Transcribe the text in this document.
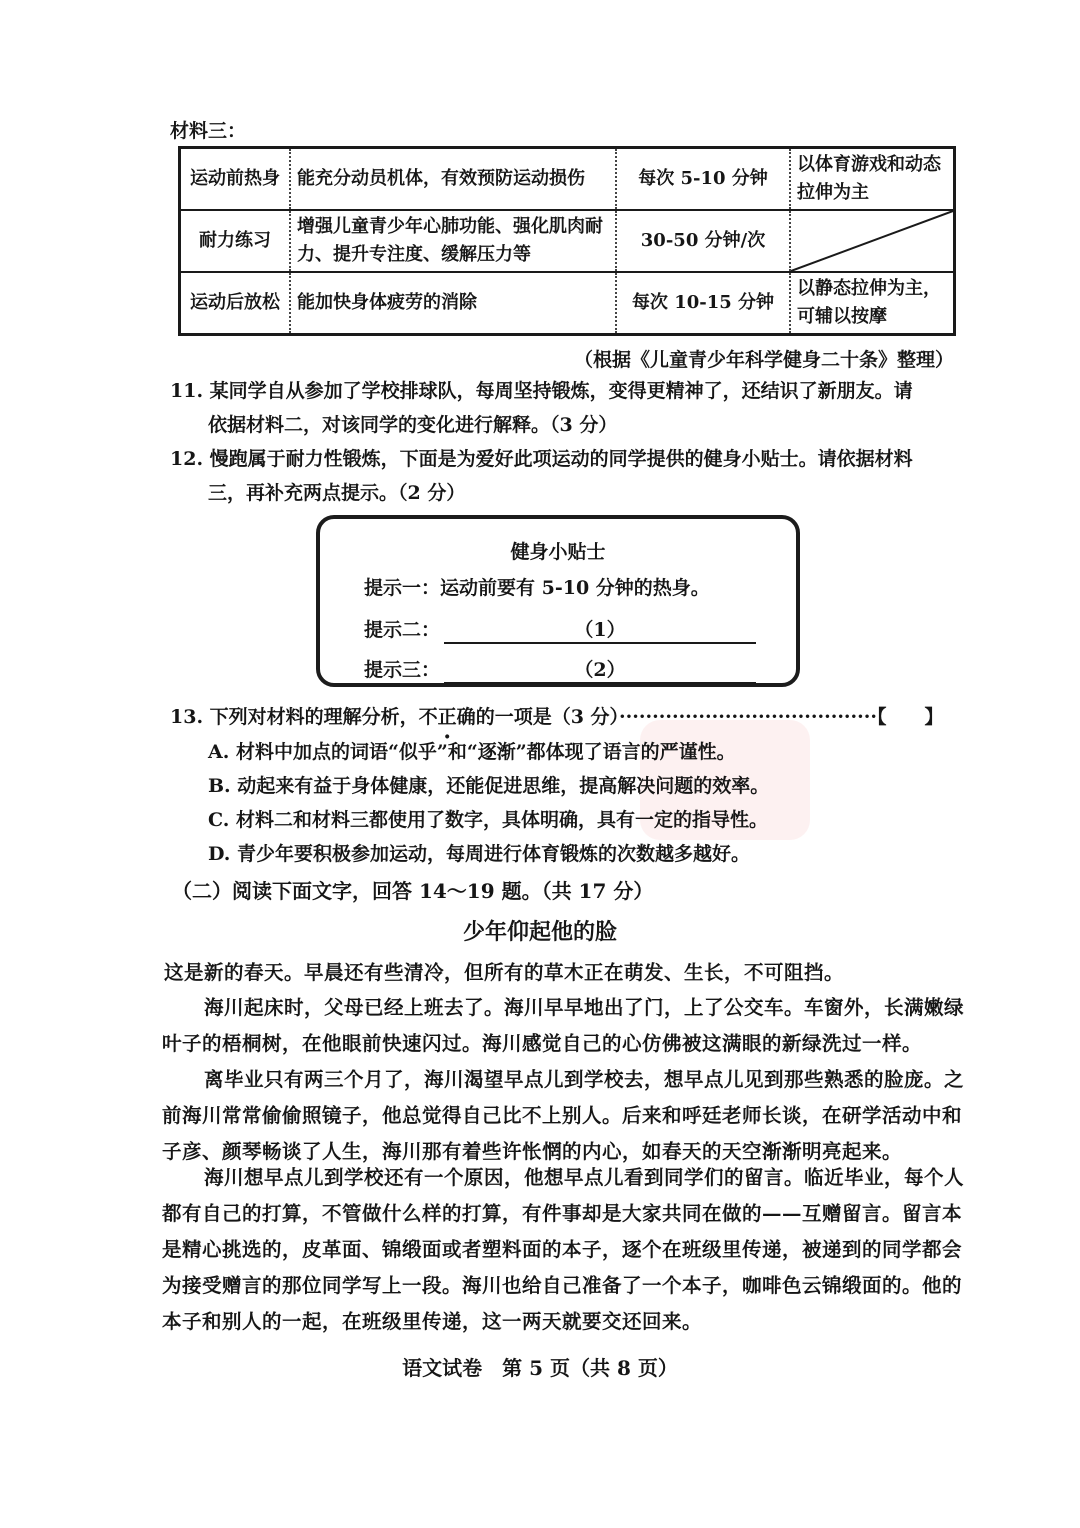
材料三：
运动前热身	能充分动员机体，有效预防运动损伤	每次 5-10 分钟	以体育游戏和动态拉伸为主
耐力练习	增强儿童青少年心肺功能、强化肌肉耐力、提升专注度、缓解压力等	30-50 分钟/次	

运动后放松	能加快身体疲劳的消除	每次 10-15 分钟	以静态拉伸为主，可辅以按摩
（根据《儿童青少年科学健身二十条》整理）
11. 某同学自从参加了学校排球队，每周坚持锻炼，变得更精神了，还结识了新朋友。请
依据材料二，对该同学的变化进行解释。（3 分）
12. 慢跑属于耐力性锻炼，下面是为爱好此项运动的同学提供的健身小贴士。请依据材料
三，再补充两点提示。（2 分）
健身小贴士
提示一：运动前要有 5-10 分钟的热身。
提示二：	（1）
提示三：	（2）
13. 下列对材料的理解分析，不正确的一项是（3 分）·······································【　　】
A. 材料中加点的词语“似乎”和“逐渐”都体现了语言的严谨性。
B. 动起来有益于身体健康，还能促进思维，提高解决问题的效率。
C. 材料二和材料三都使用了数字，具体明确，具有一定的指导性。
D. 青少年要积极参加运动，每周进行体育锻炼的次数越多越好。
（二）阅读下面文字，回答 14～19 题。（共 17 分）
少年仰起他的脸
这是新的春天。早晨还有些清冷，但所有的草木正在萌发、生长，不可阻挡。
海川起床时，父母已经上班去了。海川早早地出了门，上了公交车。车窗外，长满嫩绿叶子的梧桐树，在他眼前快速闪过。海川感觉自己的心仿佛被这满眼的新绿洗过一样。
离毕业只有两三个月了，海川渴望早点儿到学校去，想早点儿见到那些熟悉的脸庞。之前海川常常偷偷照镜子，他总觉得自己比不上别人。后来和呼廷老师长谈，在研学活动中和子彦、颜琴畅谈了人生，海川那有着些许怅惘的内心，如春天的天空渐渐明亮起来。
海川想早点儿到学校还有一个原因，他想早点儿看到同学们的留言。临近毕业，每个人都有自己的打算，不管做什么样的打算，有件事却是大家共同在做的——互赠留言。留言本是精心挑选的，皮革面、锦缎面或者塑料面的本子，逐个在班级里传递，被递到的同学都会为接受赠言的那位同学写上一段。海川也给自己准备了一个本子，咖啡色云锦缎面的。他的本子和别人的一起，在班级里传递，这一两天就要交还回来。
语文试卷　第 5 页（共 8 页）
